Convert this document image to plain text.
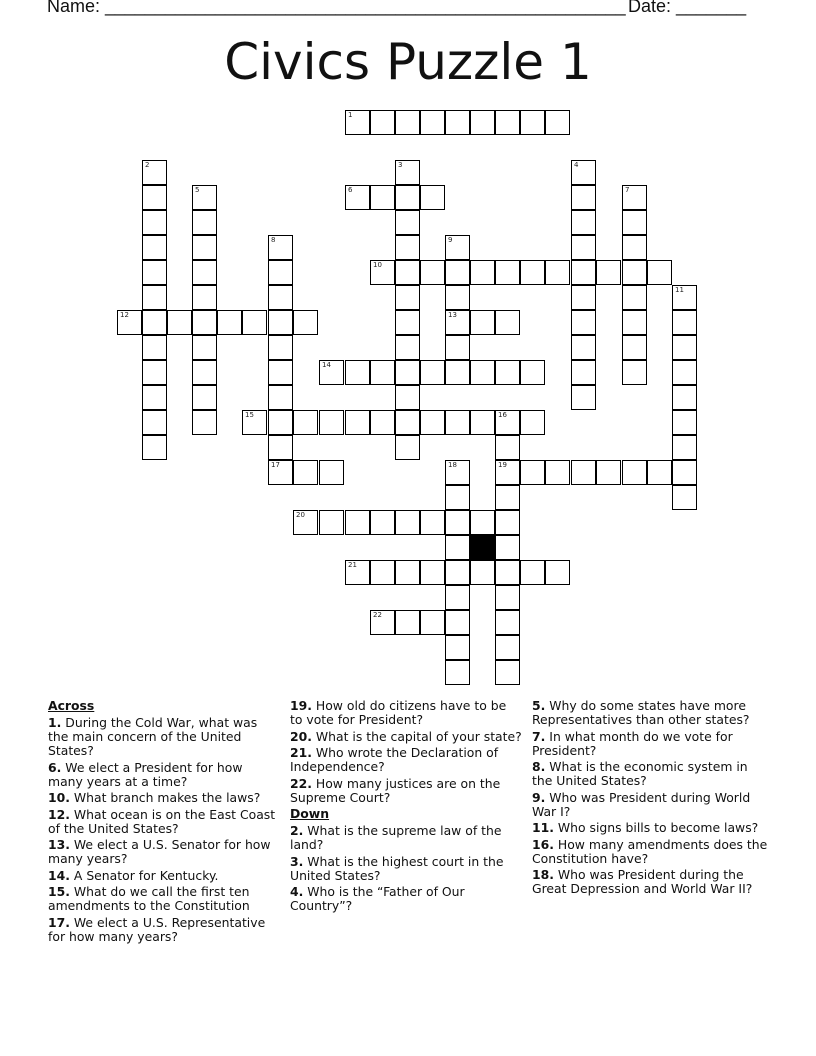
Name: ____________________________________________________ Date: _______
Civics Puzzle 1
1
2	3	4
5	6	7
8	9
13
10
11
12
14
15	16
17	18	19
20
21
22
Across
1. During the Cold War, what was the main concern of the United States?
6. We elect a President for how many years at a time?
10. What branch makes the laws?
12. What ocean is on the East Coast of the United States?
13. We elect a U.S. Senator for how many years?
14. A Senator for Kentucky.
15. What do we call the first ten amendments to the Constitution
17. We elect a U.S. Representative for how many years?
19. How old do citizens have to be to vote for President?
20. What is the capital of your state?
21. Who wrote the Declaration of Independence?
22. How many justices are on the Supreme Court?
Down
2. What is the supreme law of the land?
3. What is the highest court in the United States?
4. Who is the “Father of Our Country”?
5. Why do some states have more Representatives than other states?
7. In what month do we vote for President?
8. What is the economic system in the United States?
9. Who was President during World War I?
11. Who signs bills to become laws?
16. How many amendments does the Constitution have?
18. Who was President during the Great Depression and World War II?
